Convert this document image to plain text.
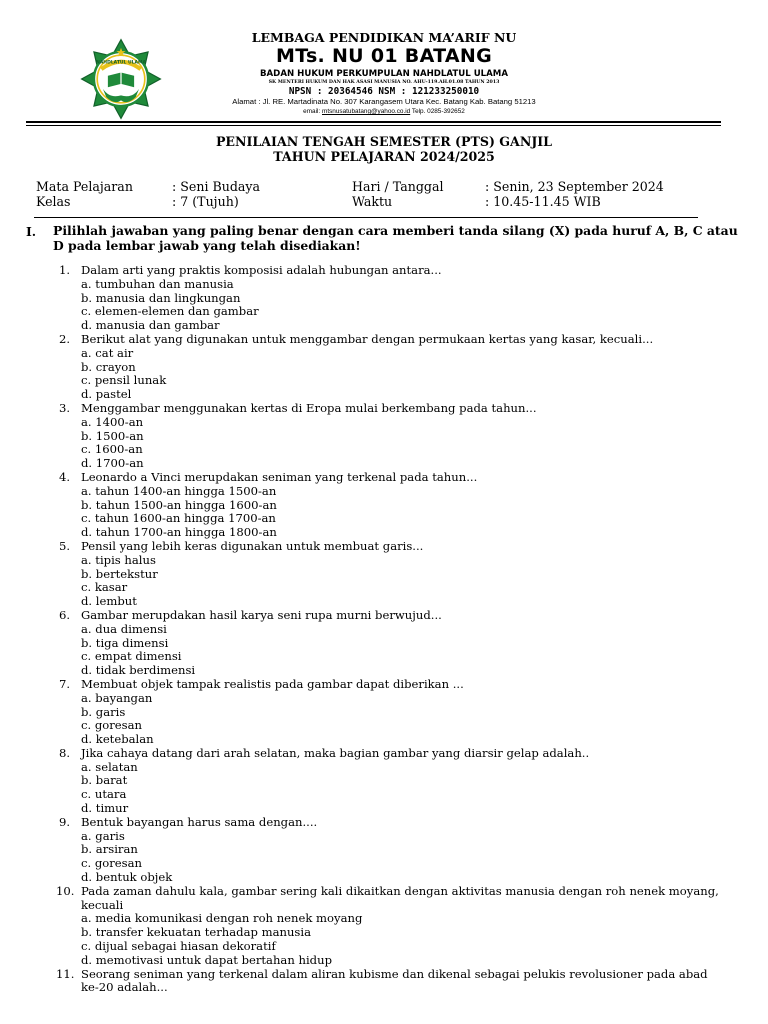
NAHDLATUL ULAMA
LEMBAGA PENDIDIKAN MA’ARIF NU
MTs. NU 01 BATANG
BADAN HUKUM PERKUMPULAN NAHDLATUL ULAMA
SK MENTERI HUKUM DAN HAK ASASI MANUSIA NO. AHU-119.AH.01.08 TAHUN 2013
NPSN : 20364546 NSM : 121233250010
Alamat : Jl. RE. Martadinata No. 307 Karangasem Utara Kec. Batang Kab. Batang 51213
email: mtsnusatubatang@yahoo.co.id Telp. 0285-392652
PENILAIAN TENGAH SEMESTER (PTS) GANJIL
TAHUN PELAJARAN 2024/2025
Mata Pelajaran
Kelas
: Seni Budaya
: 7 (Tujuh)
Hari / Tanggal
Waktu
: Senin, 23 September 2024
: 10.45-11.45 WIB
I. Pilihlah jawaban yang paling benar dengan cara memberi tanda silang (X) pada huruf A, B, C atau D pada lembar jawab yang telah disediakan!
1. Dalam arti yang praktis komposisi adalah hubungan antara...
a. tumbuhan dan manusia
b. manusia dan lingkungan
c. elemen-elemen dan gambar
d. manusia dan gambar
2. Berikut alat yang digunakan untuk menggambar dengan permukaan kertas yang kasar, kecuali...
a. cat air
b. crayon
c. pensil lunak
d. pastel
3. Menggambar menggunakan kertas di Eropa mulai berkembang pada tahun...
a. 1400-an
b. 1500-an
c. 1600-an
d. 1700-an
4. Leonardo a Vinci merupdakan seniman yang terkenal pada tahun...
a. tahun 1400-an hingga 1500-an
b. tahun 1500-an hingga 1600-an
c. tahun 1600-an hingga 1700-an
d. tahun 1700-an hingga 1800-an
5. Pensil yang lebih keras digunakan untuk membuat garis...
a. tipis halus
b. bertekstur
c. kasar
d. lembut
6. Gambar merupdakan hasil karya seni rupa murni berwujud...
a. dua dimensi
b. tiga dimensi
c. empat dimensi
d. tidak berdimensi
7. Membuat objek tampak realistis pada gambar dapat diberikan ...
a. bayangan
b. garis
c. goresan
d. ketebalan
8. Jika cahaya datang dari arah selatan, maka bagian gambar yang diarsir gelap adalah..
a. selatan
b. barat
c. utara
d. timur
9. Bentuk bayangan harus sama dengan....
a. garis
b. arsiran
c. goresan
d. bentuk objek
10. Pada zaman dahulu kala, gambar sering kali dikaitkan dengan aktivitas manusia dengan roh nenek moyang, kecuali
a. media komunikasi dengan roh nenek moyang
b. transfer kekuatan terhadap manusia
c. dijual sebagai hiasan dekoratif
d. memotivasi untuk dapat bertahan hidup
11. Seorang seniman yang terkenal dalam aliran kubisme dan dikenal sebagai pelukis revolusioner pada abad ke-20 adalah...
